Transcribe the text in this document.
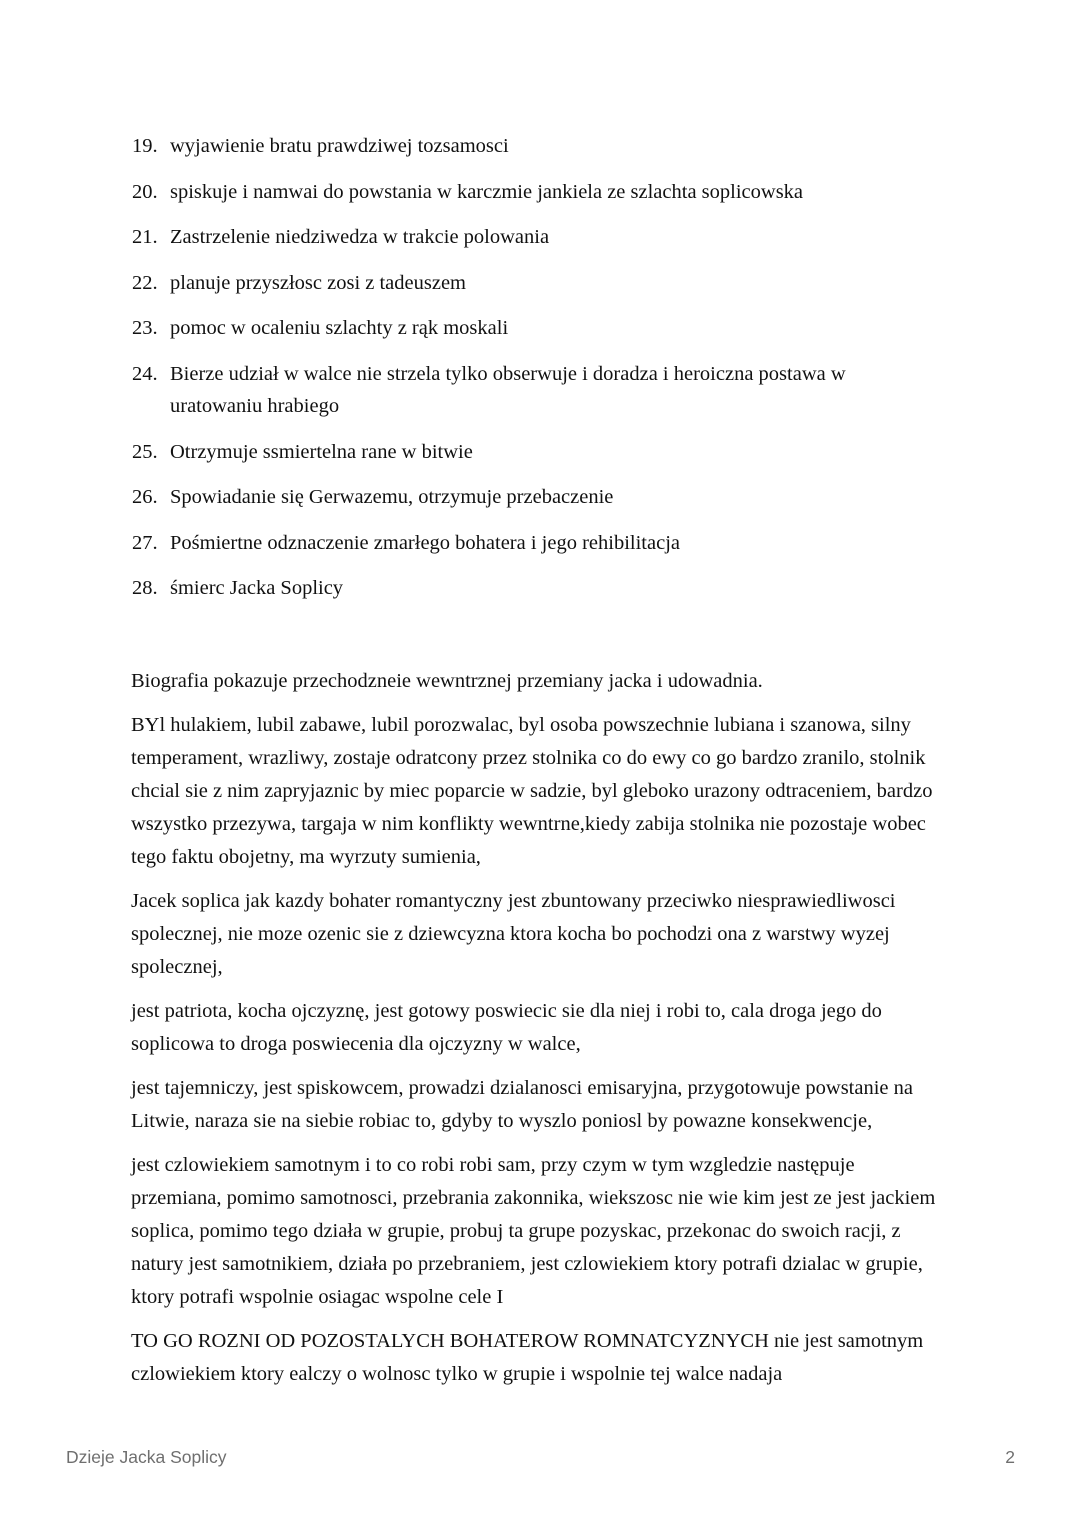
19. wyjawienie bratu prawdziwej tozsamosci
20. spiskuje i namwai do powstania w karczmie jankiela ze szlachta soplicowska
21. Zastrzelenie niedziwedza w trakcie polowania
22. planuje przyszłosc zosi z tadeuszem
23. pomoc w ocaleniu szlachty z rąk moskali
24. Bierze udział w walce nie strzela tylko obserwuje i doradza i heroiczna postawa w uratowaniu hrabiego
25. Otrzymuje ssmiertelna rane w bitwie
26. Spowiadanie się Gerwazemu, otrzymuje przebaczenie
27. Pośmiertne odznaczenie zmarłego bohatera i jego rehibilitacja
28. śmierc Jacka Soplicy

Biografia pokazuje przechodzneie wewntrznej przemiany jacka i udowadnia.

BYl hulakiem, lubil zabawe, lubil porozwalac, byl osoba powszechnie lubiana i szanowa, silny temperament, wrazliwy, zostaje odratcony przez stolnika co do ewy co go bardzo zranilo, stolnik chcial sie z nim zapryjaznic by miec poparcie w sadzie, byl gleboko urazony odtraceniem, bardzo wszystko przezywa, targaja w nim konflikty wewntrne,kiedy zabija stolnika nie pozostaje wobec tego faktu obojetny, ma wyrzuty sumienia,

Jacek soplica jak kazdy bohater romantyczny jest zbuntowany przeciwko niesprawiedliwosci spolecznej, nie moze ozenic sie z dziewcyzna ktora kocha bo pochodzi ona z warstwy wyzej spolecznej,

jest patriota, kocha ojczyznę, jest gotowy poswiecic sie dla niej i robi to, cala droga jego do soplicowa to droga poswiecenia dla ojczyzny w walce,

jest tajemniczy, jest spiskowcem, prowadzi dzialanosci emisaryjna, przygotowuje powstanie na Litwie, naraza sie na siebie robiac to, gdyby to wyszlo poniosl by powazne konsekwencje,

jest czlowiekiem samotnym i to co robi robi sam, przy czym w tym wzgledzie następuje przemiana, pomimo samotnosci, przebrania zakonnika, wiekszosc nie wie kim jest ze jest jackiem soplica, pomimo tego działa w grupie, probuj ta grupe pozyskac, przekonac do swoich racji, z natury jest samotnikiem, działa po przebraniem, jest czlowiekiem ktory potrafi dzialac w grupie, ktory potrafi wspolnie osiagac wspolne cele I

TO GO ROZNI OD POZOSTALYCH BOHATEROW ROMNATCYZNYCH nie jest samotnym czlowiekiem ktory ealczy o wolnosc tylko w grupie i wspolnie tej walce nadaja

Dzieje Jacka Soplicy	2
